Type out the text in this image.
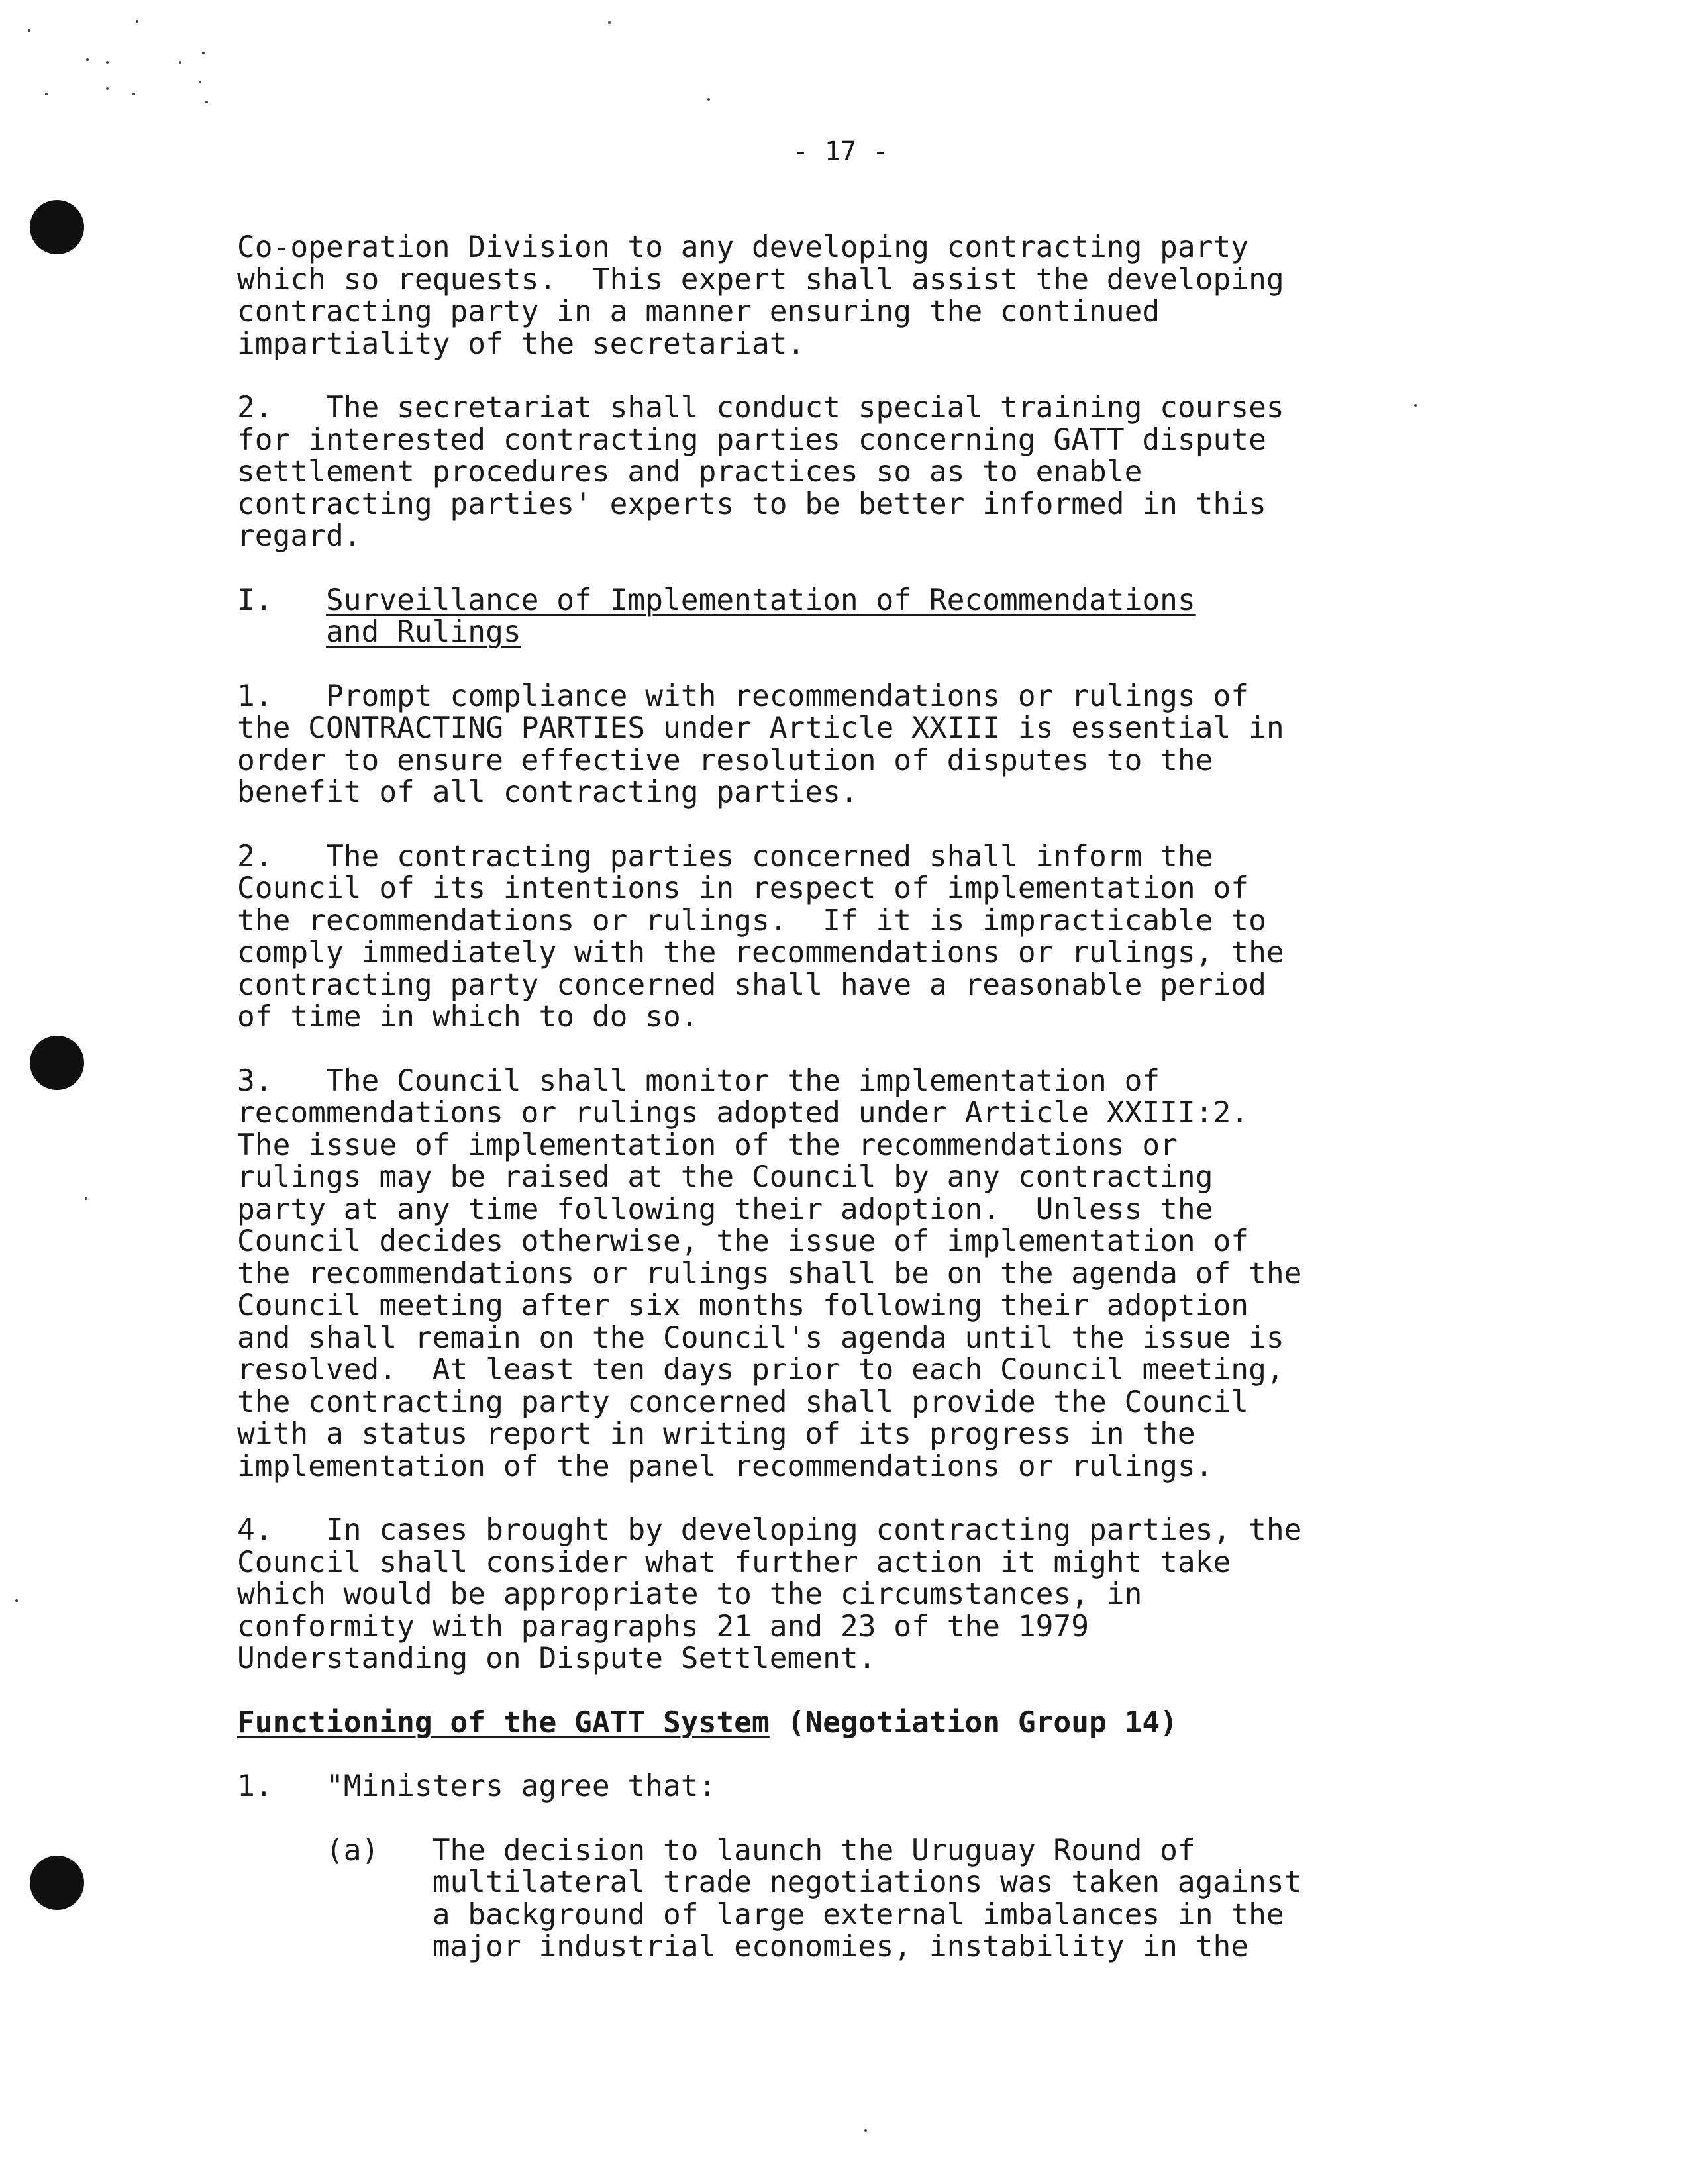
- 17 -
Co-operation Division to any developing contracting party
which so requests.  This expert shall assist the developing
contracting party in a manner ensuring the continued
impartiality of the secretariat.
2.   The secretariat shall conduct special training courses
for interested contracting parties concerning GATT dispute
settlement procedures and practices so as to enable
contracting parties' experts to be better informed in this
regard.
I. Surveillance of Implementation of Recommendations
and Rulings
1.   Prompt compliance with recommendations or rulings of
the CONTRACTING PARTIES under Article XXIII is essential in
order to ensure effective resolution of disputes to the
benefit of all contracting parties.
2.   The contracting parties concerned shall inform the
Council of its intentions in respect of implementation of
the recommendations or rulings.  If it is impracticable to
comply immediately with the recommendations or rulings, the
contracting party concerned shall have a reasonable period
of time in which to do so.
3.   The Council shall monitor the implementation of
recommendations or rulings adopted under Article XXIII:2.
The issue of implementation of the recommendations or
rulings may be raised at the Council by any contracting
party at any time following their adoption.  Unless the
Council decides otherwise, the issue of implementation of
the recommendations or rulings shall be on the agenda of the
Council meeting after six months following their adoption
and shall remain on the Council's agenda until the issue is
resolved.  At least ten days prior to each Council meeting,
the contracting party concerned shall provide the Council
with a status report in writing of its progress in the
implementation of the panel recommendations or rulings.
4.   In cases brought by developing contracting parties, the
Council shall consider what further action it might take
which would be appropriate to the circumstances, in
conformity with paragraphs 21 and 23 of the 1979
Understanding on Dispute Settlement.
Functioning of the GATT System (Negotiation Group 14)
1.   "Ministers agree that:
(a)   The decision to launch the Uruguay Round of
multilateral trade negotiations was taken against
a background of large external imbalances in the
major industrial economies, instability in the
